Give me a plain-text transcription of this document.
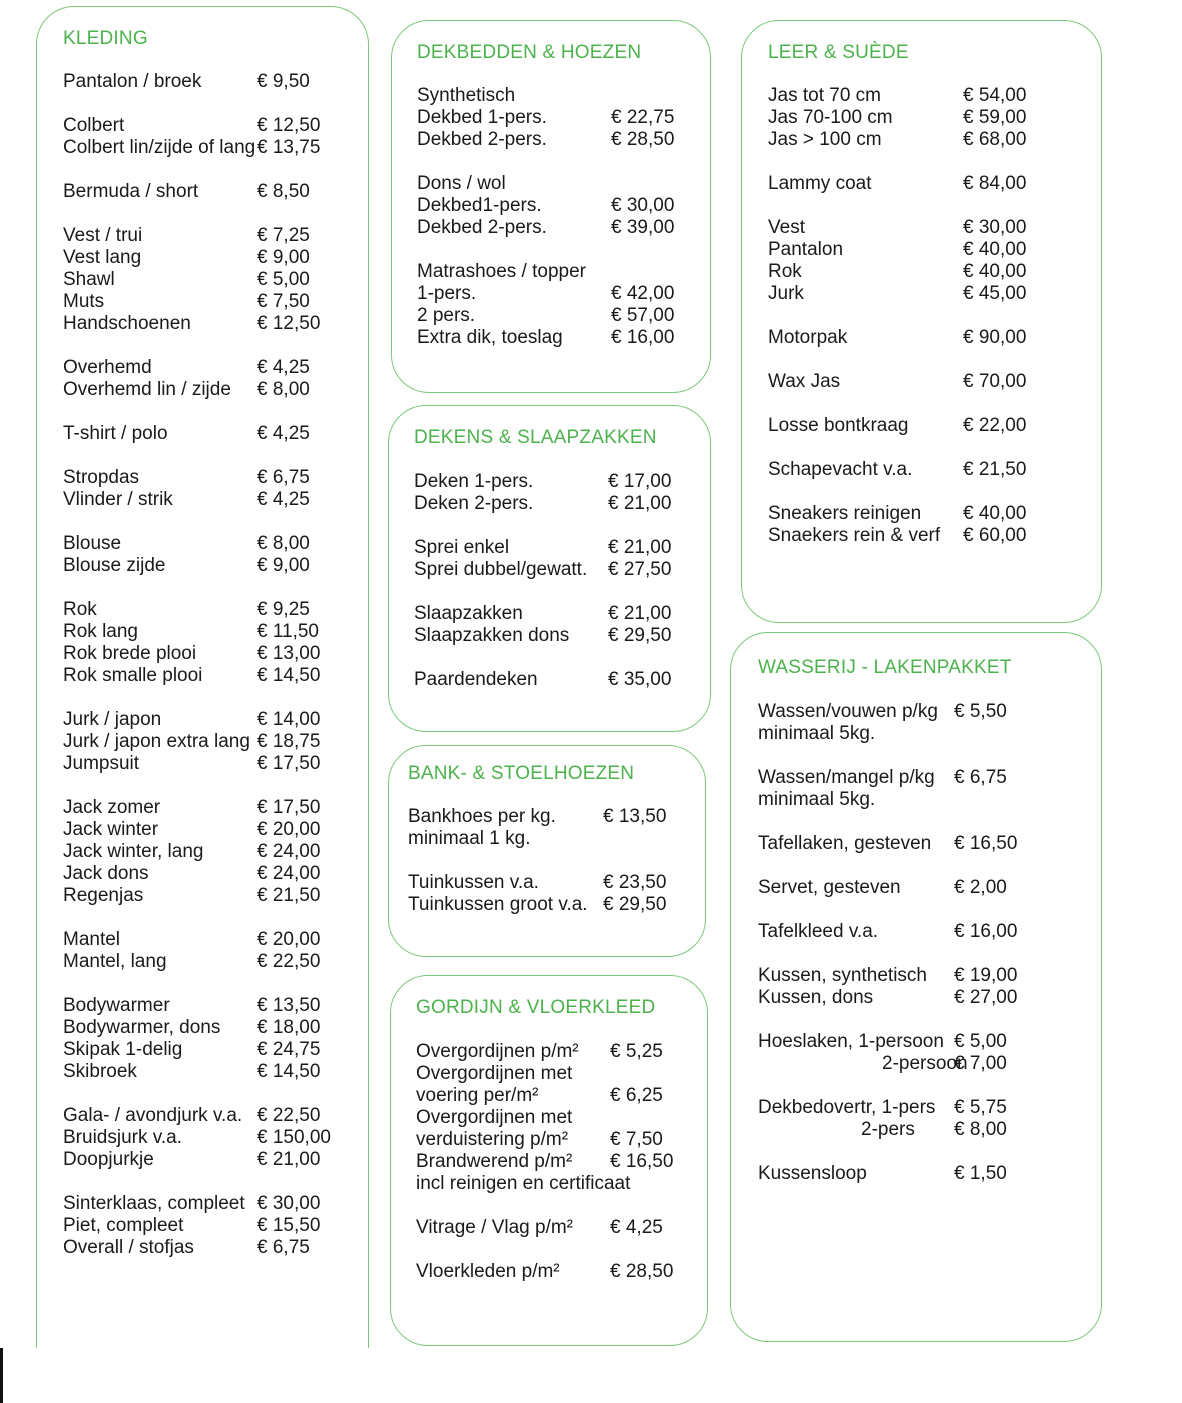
KLEDING
Pantalon / broek	€ 9,50
Colbert	€ 12,50
Colbert lin/zijde of lang € 13,75
Bermuda / short	€ 8,50
Vest / trui	€ 7,25
Vest lang	€ 9,00
Shawl	€ 5,00
Muts	€ 7,50
Handschoenen	€ 12,50
Overhemd	€ 4,25
Overhemd lin / zijde € 8,00
T-shirt / polo	€ 4,25
Stropdas	€ 6,75
Vlinder / strik	€ 4,25
Blouse	€ 8,00
Blouse zijde	€ 9,00
Rok	€ 9,25
Rok lang	€ 11,50
Rok brede plooi	€ 13,00
Rok smalle plooi	€ 14,50
Jurk / japon	€ 14,00
Jurk / japon extra lang € 18,75
Jumpsuit	€ 17,50
Jack zomer	€ 17,50
Jack winter	€ 20,00
Jack winter, lang	€ 24,00
Jack dons	€ 24,00
Regenjas	€ 21,50
Mantel	€ 20,00
Mantel, lang	€ 22,50
Bodywarmer	€ 13,50
Bodywarmer, dons € 18,00
Skipak 1-delig	€ 24,75
Skibroek	€ 14,50
Gala- / avondjurk v.a. € 22,50
Bruidsjurk v.a.	€ 150,00
Doopjurkje	€ 21,00
Sinterklaas, compleet € 30,00
Piet, compleet	€ 15,50
Overall / stofjas	€ 6,75
DEKBEDDEN & HOEZEN
Synthetisch
Dekbed 1-pers.	€ 22,75
Dekbed 2-pers.	€ 28,50
Dons / wol
Dekbed1-pers.	€ 30,00
Dekbed 2-pers.	€ 39,00
Matrashoes / topper
1-pers.	€ 42,00
2 pers.	€ 57,00
Extra dik, toeslag	€ 16,00
DEKENS & SLAAPZAKKEN
Deken 1-pers.	€ 17,00
Deken 2-pers.	€ 21,00
Sprei enkel	€ 21,00
Sprei dubbel/gewatt. € 27,50
Slaapzakken	€ 21,00
Slaapzakken dons € 29,50
Paardendeken	€ 35,00
BANK- & STOELHOEZEN
Bankhoes per kg. € 13,50
minimaal 1 kg.
Tuinkussen v.a.	€ 23,50
Tuinkussen groot v.a. € 29,50
GORDIJN & VLOERKLEED
Overgordijnen p/m² € 5,25
Overgordijnen met
voering per/m²	€ 6,25
Overgordijnen met
verduistering p/m² € 7,50
Brandwerend p/m² € 16,50
incl reinigen en certificaat
Vitrage / Vlag p/m² € 4,25
Vloerkleden p/m²	€ 28,50
LEER & SUÈDE
Jas tot 70 cm	€ 54,00
Jas 70-100 cm	€ 59,00
Jas > 100 cm	€ 68,00
Lammy coat	€ 84,00
Vest	€ 30,00
Pantalon	€ 40,00
Rok	€ 40,00
Jurk	€ 45,00
Motorpak	€ 90,00
Wax Jas	€ 70,00
Losse bontkraag	€ 22,00
Schapevacht v.a.	€ 21,50
Sneakers reinigen € 40,00
Snaekers rein & verf € 60,00
WASSERIJ - LAKENPAKKET
Wassen/vouwen p/kg € 5,50
minimaal 5kg.
Wassen/mangel p/kg € 6,75
minimaal 5kg.
Tafellaken, gesteven € 16,50
Servet, gesteven	€ 2,00
Tafelkleed v.a.	€ 16,00
Kussen, synthetisch € 19,00
Kussen, dons	€ 27,00
Hoeslaken, 1-persoon € 5,00
2-persoon
€ 7,00
Dekbedovertr, 1-pers € 5,75
2-pers € 8,00
Kussensloop	€ 1,50
